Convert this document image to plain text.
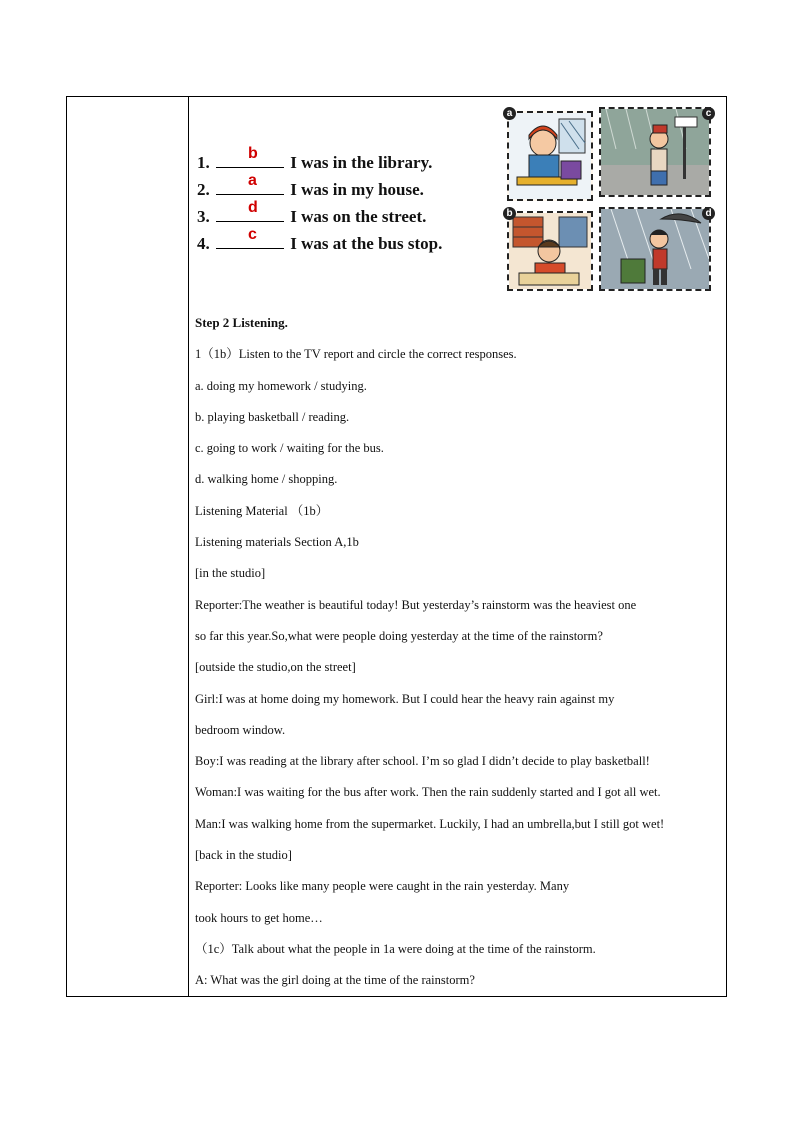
1. b I was in the library.
2. a I was in my house.
3. d I was on the street.
4. c I was at the bus stop.
a	c
b	d
Step 2 Listening.
1（1b）Listen to the TV report and circle the correct responses.
a. doing my homework / studying.
b. playing basketball / reading.
c. going to work / waiting for the bus.
d. walking home / shopping.
Listening Material （1b）
Listening materials Section A,1b
[in the studio]
Reporter:The weather is beautiful today! But yesterday’s rainstorm was the heaviest one
so far this year.So,what were people doing yesterday at the time of the rainstorm?
[outside the studio,on the street]
Girl:I was at home doing my homework. But I could hear the heavy rain against my
bedroom window.
Boy:I was reading at the library after school. I’m so glad I didn’t decide to play basketball!
Woman:I was waiting for the bus after work. Then the rain suddenly started and I got all wet.
Man:I was walking home from the supermarket. Luckily, I had an umbrella,but I still got wet!
[back in the studio]
Reporter: Looks like many people were caught in the rain yesterday. Many
took hours to get home…
（1c）Talk about what the people in 1a were doing at the time of the rainstorm.
A: What was the girl doing at the time of the rainstorm?
